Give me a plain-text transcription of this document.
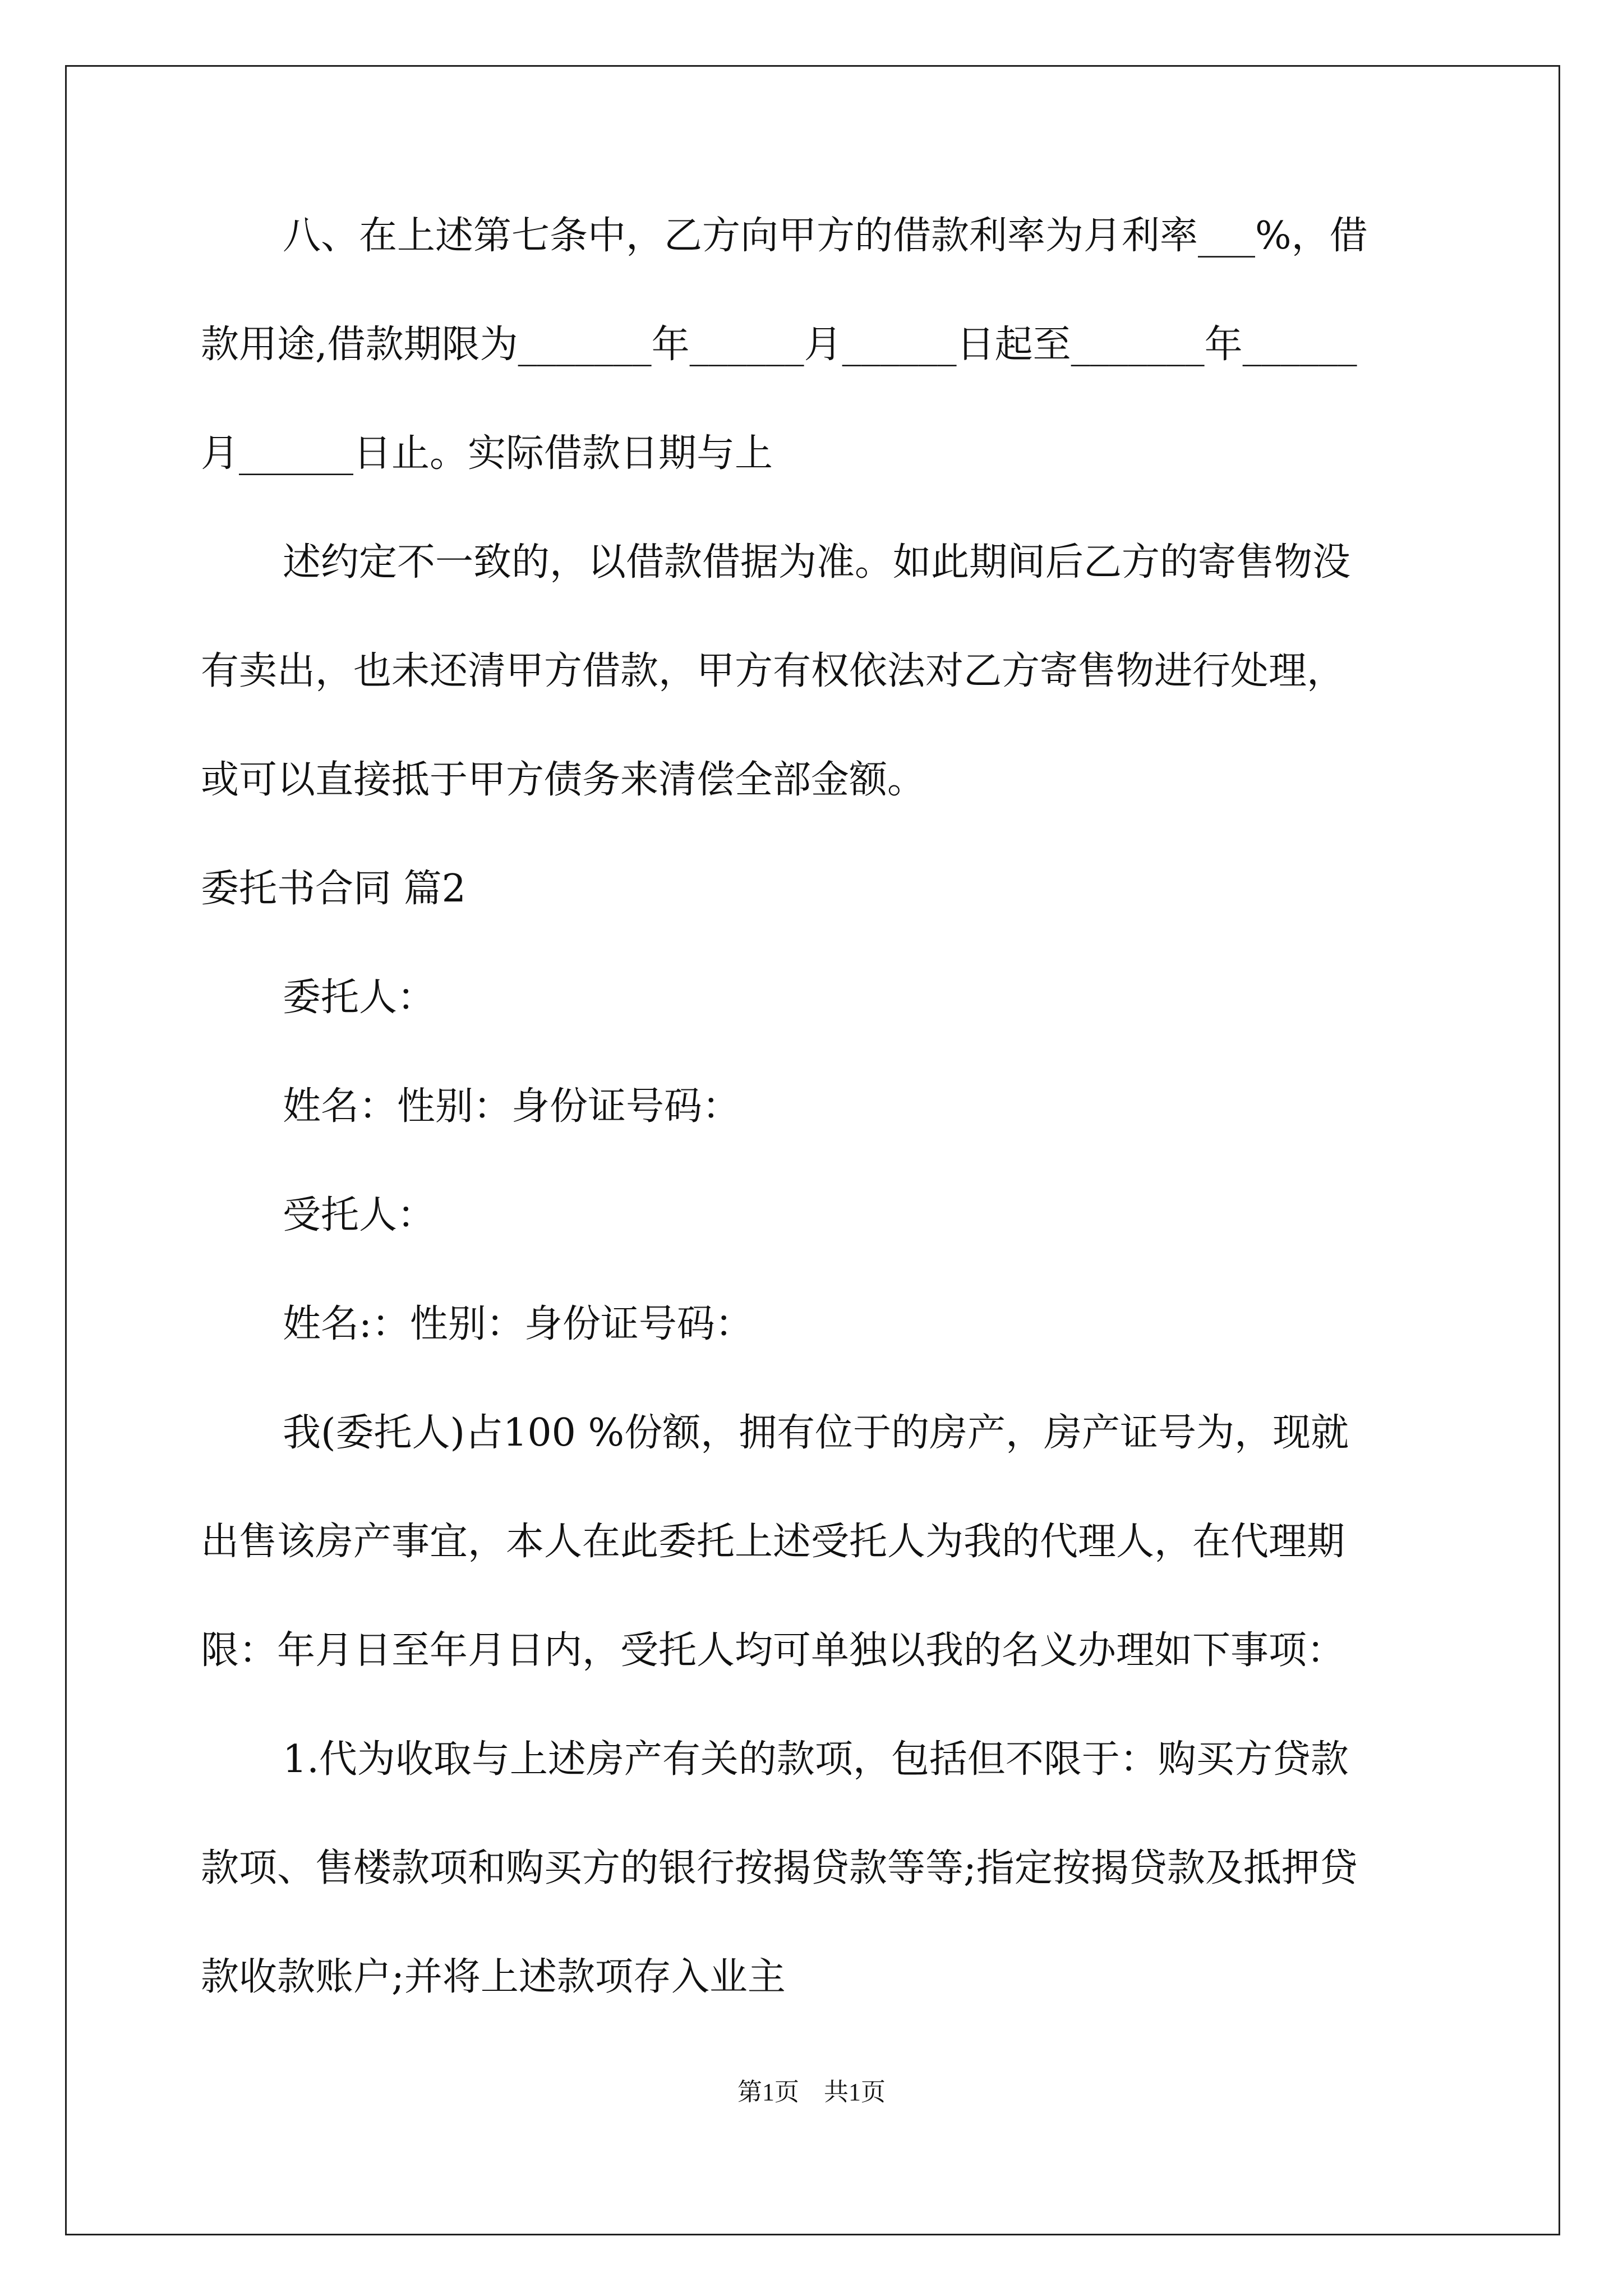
八、在上述第七条中，乙方向甲方的借款利率为月利率___%，借
款用途,借款期限为_______年______月______日起至_______年______
月______日止。实际借款日期与上
述约定不一致的，以借款借据为准。如此期间后乙方的寄售物没
有卖出，也未还清甲方借款，甲方有权依法对乙方寄售物进行处理，
或可以直接抵于甲方债务来清偿全部金额。
委托书合同 篇2
委托人：
姓名：性别：身份证号码：
受托人：
姓名:：性别：身份证号码：
我(委托人)占100 %份额，拥有位于的房产，房产证号为，现就
出售该房产事宜，本人在此委托上述受托人为我的代理人，在代理期
限：年月日至年月日内，受托人均可单独以我的名义办理如下事项：
1.代为收取与上述房产有关的款项，包括但不限于：购买方贷款
款项、售楼款项和购买方的银行按揭贷款等等;指定按揭贷款及抵押贷
款收款账户;并将上述款项存入业主
第1页　共1页
